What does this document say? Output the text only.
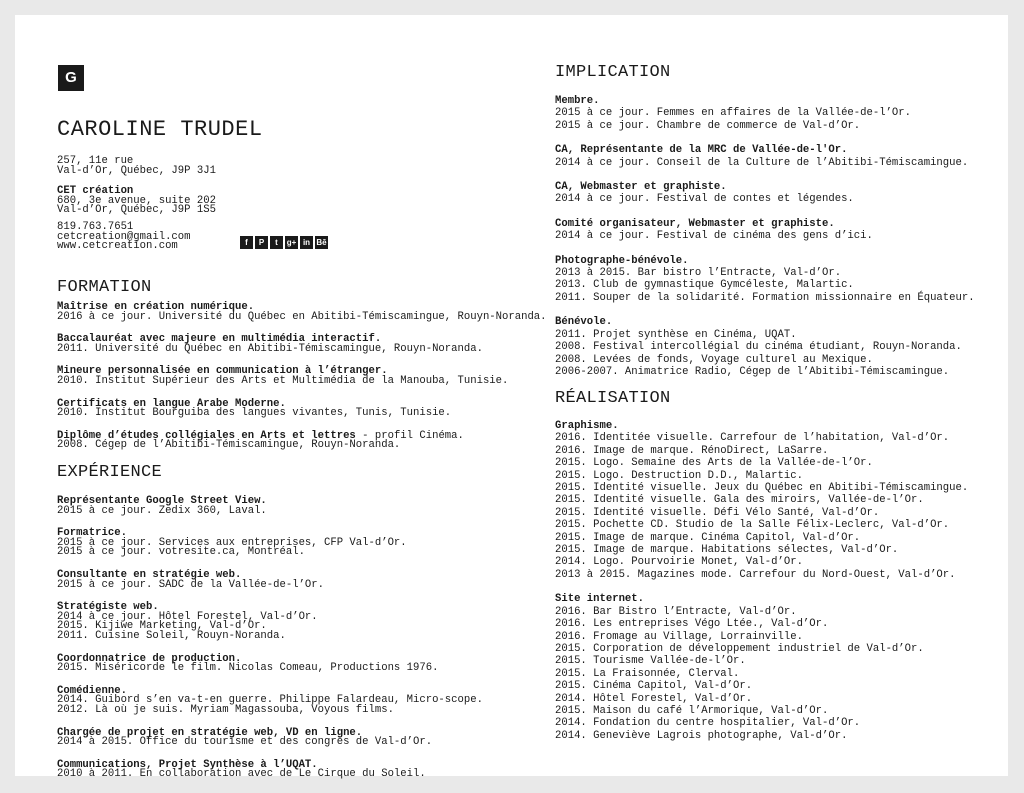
G
CAROLINE TRUDEL
257, 11e rue
Val-d’Or, Québec, J9P 3J1
CET création
680, 3e avenue, suite 202
Val-d’Or, Québec, J9P 1S5
819.763.7651
cetcreation@gmail.com
www.cetcreation.com	f	P	t	g+ in Bē
FORMATION
Maîtrise en création numérique.
2016 à ce jour. Université du Québec en Abitibi-Témiscamingue, Rouyn-Noranda.
Baccalauréat avec majeure en multimédia interactif.
2011. Université du Québec en Abitibi-Témiscamingue, Rouyn-Noranda.
Mineure personnalisée en communication à l’étranger.
2010. Institut Supérieur des Arts et Multimédia de la Manouba, Tunisie.
Certificats en langue Arabe Moderne.
2010. Institut Bourguiba des langues vivantes, Tunis, Tunisie.
Diplôme d’études collégiales en Arts et lettres - profil Cinéma.
2008. Cégep de l’Abitibi-Témiscamingue, Rouyn-Noranda.
EXPÉRIENCE
Représentante Google Street View.
2015 à ce jour. Zedix 360, Laval.
Formatrice.
2015 à ce jour. Services aux entreprises, CFP Val-d’Or.
2015 à ce jour. votresite.ca, Montréal.
Consultante en stratégie web.
2015 à ce jour. SADC de la Vallée-de-l’Or.
Stratégiste web.
2014 à ce jour. Hôtel Forestel, Val-d’Or.
2015. Kijiwe Marketing, Val-d’Or.
2011. Cuisine Soleil, Rouyn-Noranda.
Coordonnatrice de production.
2015. Miséricorde le film. Nicolas Comeau, Productions 1976.
Comédienne.
2014. Guibord s’en va-t-en guerre. Philippe Falardeau, Micro-scope.
2012. Là où je suis. Myriam Magassouba, Voyous films.
Chargée de projet en stratégie web, VD en ligne.
2014 à 2015. Office du tourisme et des congrès de Val-d’Or.
Communications, Projet Synthèse à l’UQAT.
2010 à 2011. En collaboration avec de Le Cirque du Soleil.
IMPLICATION
Membre.
2015 à ce jour. Femmes en affaires de la Vallée-de-l’Or.
2015 à ce jour. Chambre de commerce de Val-d’Or.
CA, Représentante de la MRC de Vallée-de-l'Or.
2014 à ce jour. Conseil de la Culture de l’Abitibi-Témiscamingue.
CA, Webmaster et graphiste.
2014 à ce jour. Festival de contes et légendes.
Comité organisateur, Webmaster et graphiste.
2014 à ce jour. Festival de cinéma des gens d’ici.
Photographe-bénévole.
2013 à 2015. Bar bistro l’Entracte, Val-d’Or.
2013. Club de gymnastique Gymcéleste, Malartic.
2011. Souper de la solidarité. Formation missionnaire en Équateur.
Bénévole.
2011. Projet synthèse en Cinéma, UQAT.
2008. Festival intercollégial du cinéma étudiant, Rouyn-Noranda.
2008. Levées de fonds, Voyage culturel au Mexique.
2006-2007. Animatrice Radio, Cégep de l’Abitibi-Témiscamingue.
RÉALISATION
Graphisme.
2016. Identitée visuelle. Carrefour de l’habitation, Val-d’Or.
2016. Image de marque. RénoDirect, LaSarre.
2015. Logo. Semaine des Arts de la Vallée-de-l’Or.
2015. Logo. Destruction D.D., Malartic.
2015. Identité visuelle. Jeux du Québec en Abitibi-Témiscamingue.
2015. Identité visuelle. Gala des miroirs, Vallée-de-l’Or.
2015. Identité visuelle. Défi Vélo Santé, Val-d’Or.
2015. Pochette CD. Studio de la Salle Félix-Leclerc, Val-d’Or.
2015. Image de marque. Cinéma Capitol, Val-d’Or.
2015. Image de marque. Habitations sélectes, Val-d’Or.
2014. Logo. Pourvoirie Monet, Val-d’Or.
2013 à 2015. Magazines mode. Carrefour du Nord-Ouest, Val-d’Or.
Site internet.
2016. Bar Bistro l’Entracte, Val-d’Or.
2016. Les entreprises Végo Ltée., Val-d’Or.
2016. Fromage au Village, Lorrainville.
2015. Corporation de développement industriel de Val-d’Or.
2015. Tourisme Vallée-de-l’Or.
2015. La Fraisonnée, Clerval.
2015. Cinéma Capitol, Val-d’Or.
2014. Hôtel Forestel, Val-d’Or.
2015. Maison du café l’Armorique, Val-d’Or.
2014. Fondation du centre hospitalier, Val-d’Or.
2014. Geneviève Lagrois photographe, Val-d’Or.
